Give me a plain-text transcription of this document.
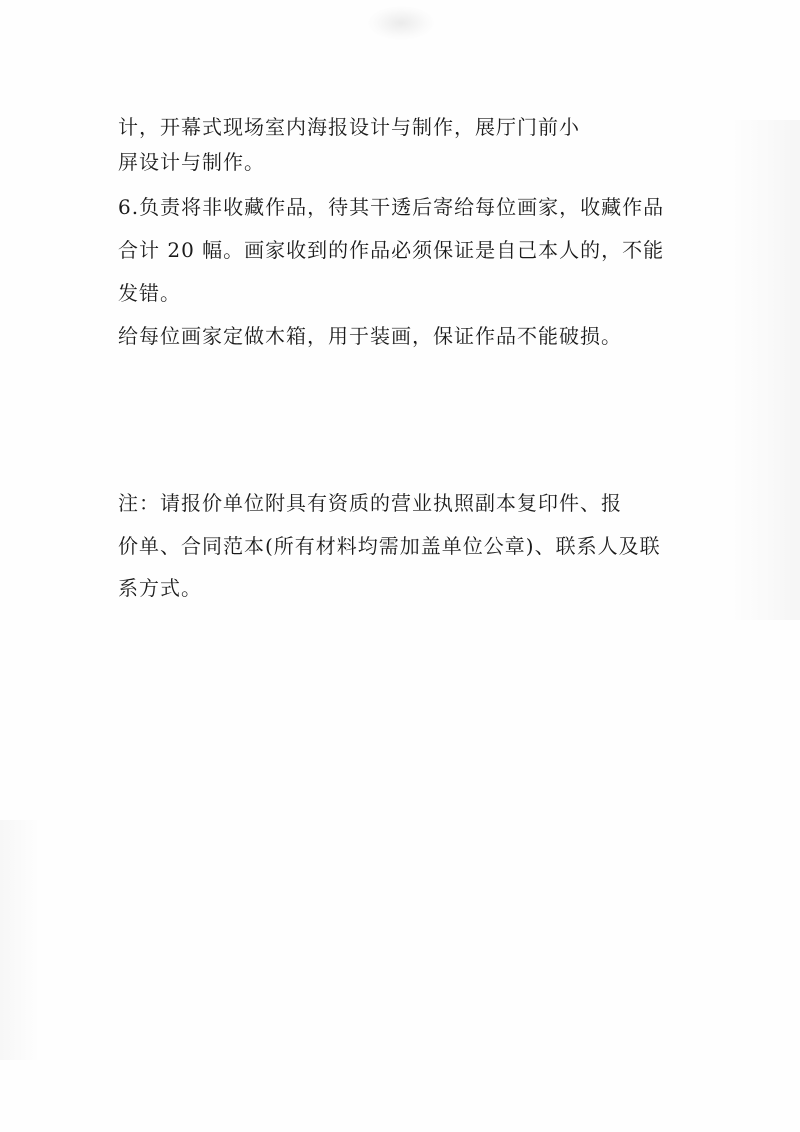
计，开幕式现场室内海报设计与制作，展厅门前小

屏设计与制作。

6.负责将非收藏作品，待其干透后寄给每位画家，收藏作品

合计 20 幅。画家收到的作品必须保证是自己本人的，不能

发错。

给每位画家定做木箱，用于装画，保证作品不能破损。

注：请报价单位附具有资质的营业执照副本复印件、报

价单、合同范本(所有材料均需加盖单位公章)、联系人及联

系方式。
